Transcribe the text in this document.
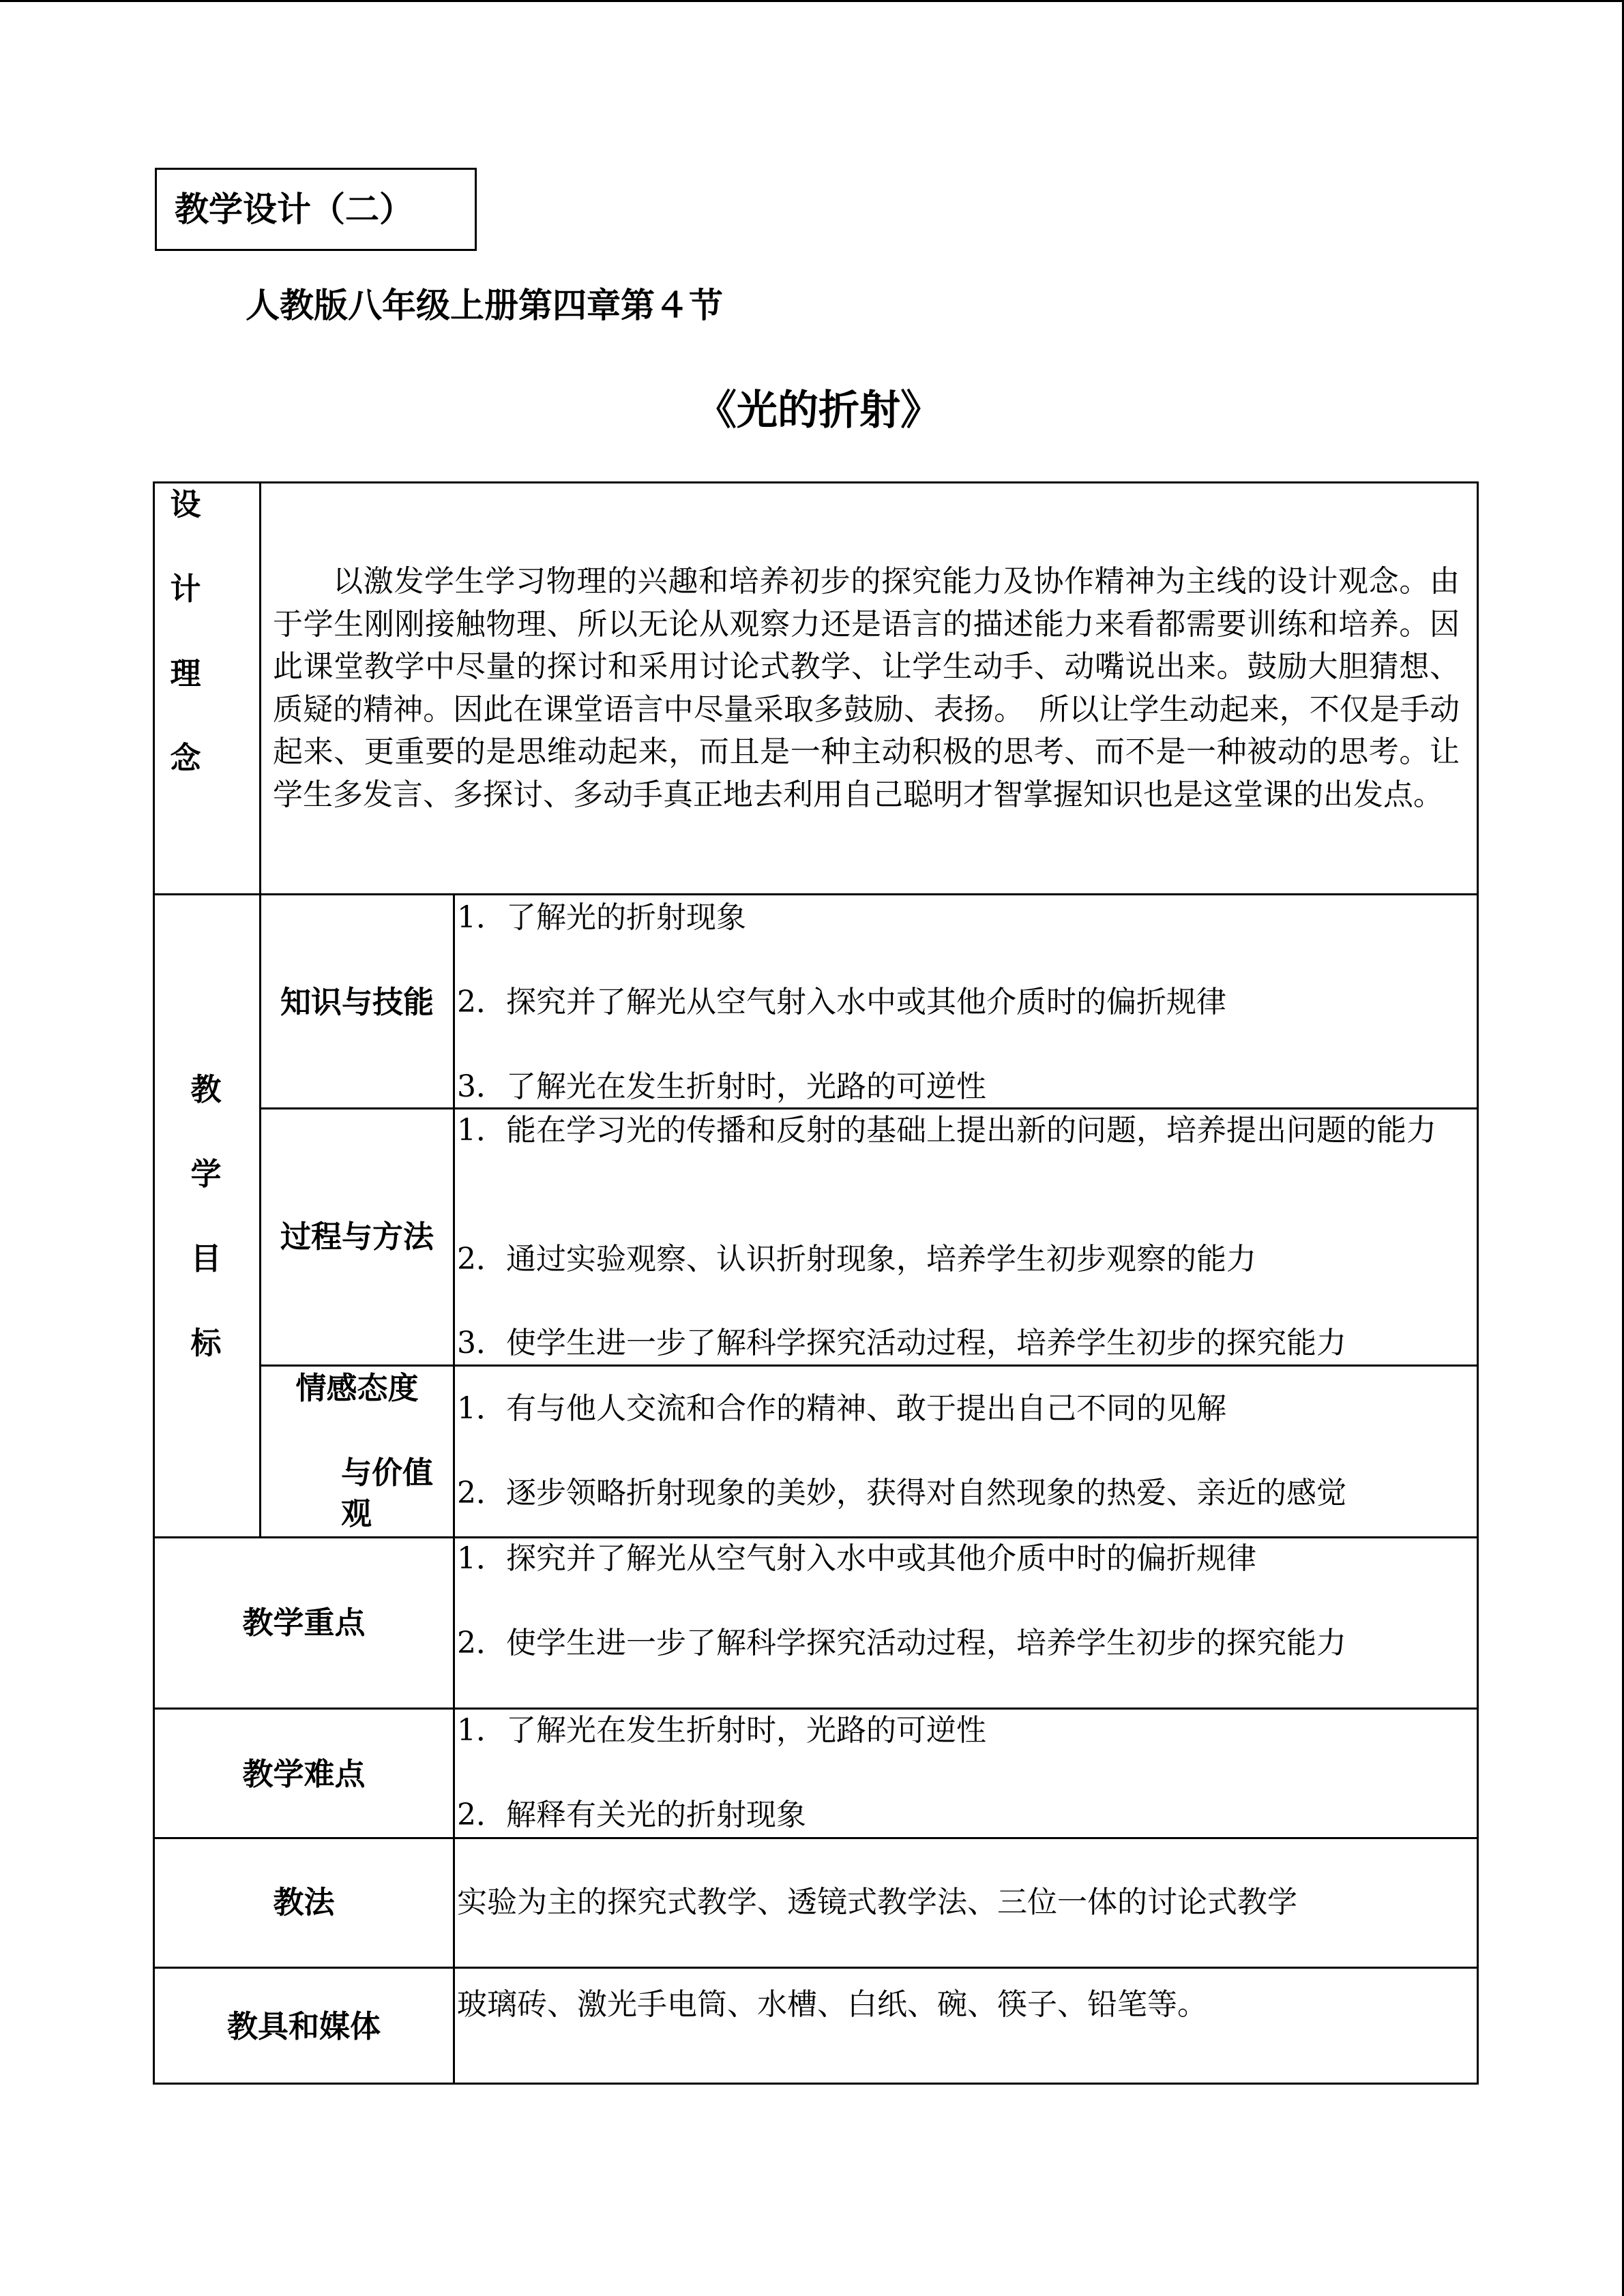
教学设计（二）
人教版八年级上册第四章第４节
《光的折射》
设
计
理
念
以激发学生学习物理的兴趣和培养初步的探究能力及协作精神为主线的设计观念。由于学生刚刚接触物理、所以无论从观察力还是语言的描述能力来看都需要训练和培养。因此课堂教学中尽量的探讨和采用讨论式教学、让学生动手、动嘴说出来。鼓励大胆猜想、质疑的精神。因此在课堂语言中尽量采取多鼓励、表扬。　所以让学生动起来，不仅是手动起来、更重要的是思维动起来，而且是一种主动积极的思考、而不是一种被动的思考。让学生多发言、多探讨、多动手真正地去利用自己聪明才智掌握知识也是这堂课的出发点。
教
学
目
标
知识与技能
1．了解光的折射现象
2．探究并了解光从空气射入水中或其他介质时的偏折规律
3．了解光在发生折射时，光路的可逆性
过程与方法
1．能在学习光的传播和反射的基础上提出新的问题，培养提出问题的能力
2．通过实验观察、认识折射现象，培养学生初步观察的能力
3．使学生进一步了解科学探究活动过程，培养学生初步的探究能力
情感态度
与价值
观
1．有与他人交流和合作的精神、敢于提出自己不同的见解
2．逐步领略折射现象的美妙，获得对自然现象的热爱、亲近的感觉
教学重点
1．探究并了解光从空气射入水中或其他介质中时的偏折规律
2．使学生进一步了解科学探究活动过程，培养学生初步的探究能力
教学难点
1．了解光在发生折射时，光路的可逆性
2．解释有关光的折射现象
教法	实验为主的探究式教学、透镜式教学法、三位一体的讨论式教学
教具和媒体
玻璃砖、激光手电筒、水槽、白纸、碗、筷子、铅笔等。
